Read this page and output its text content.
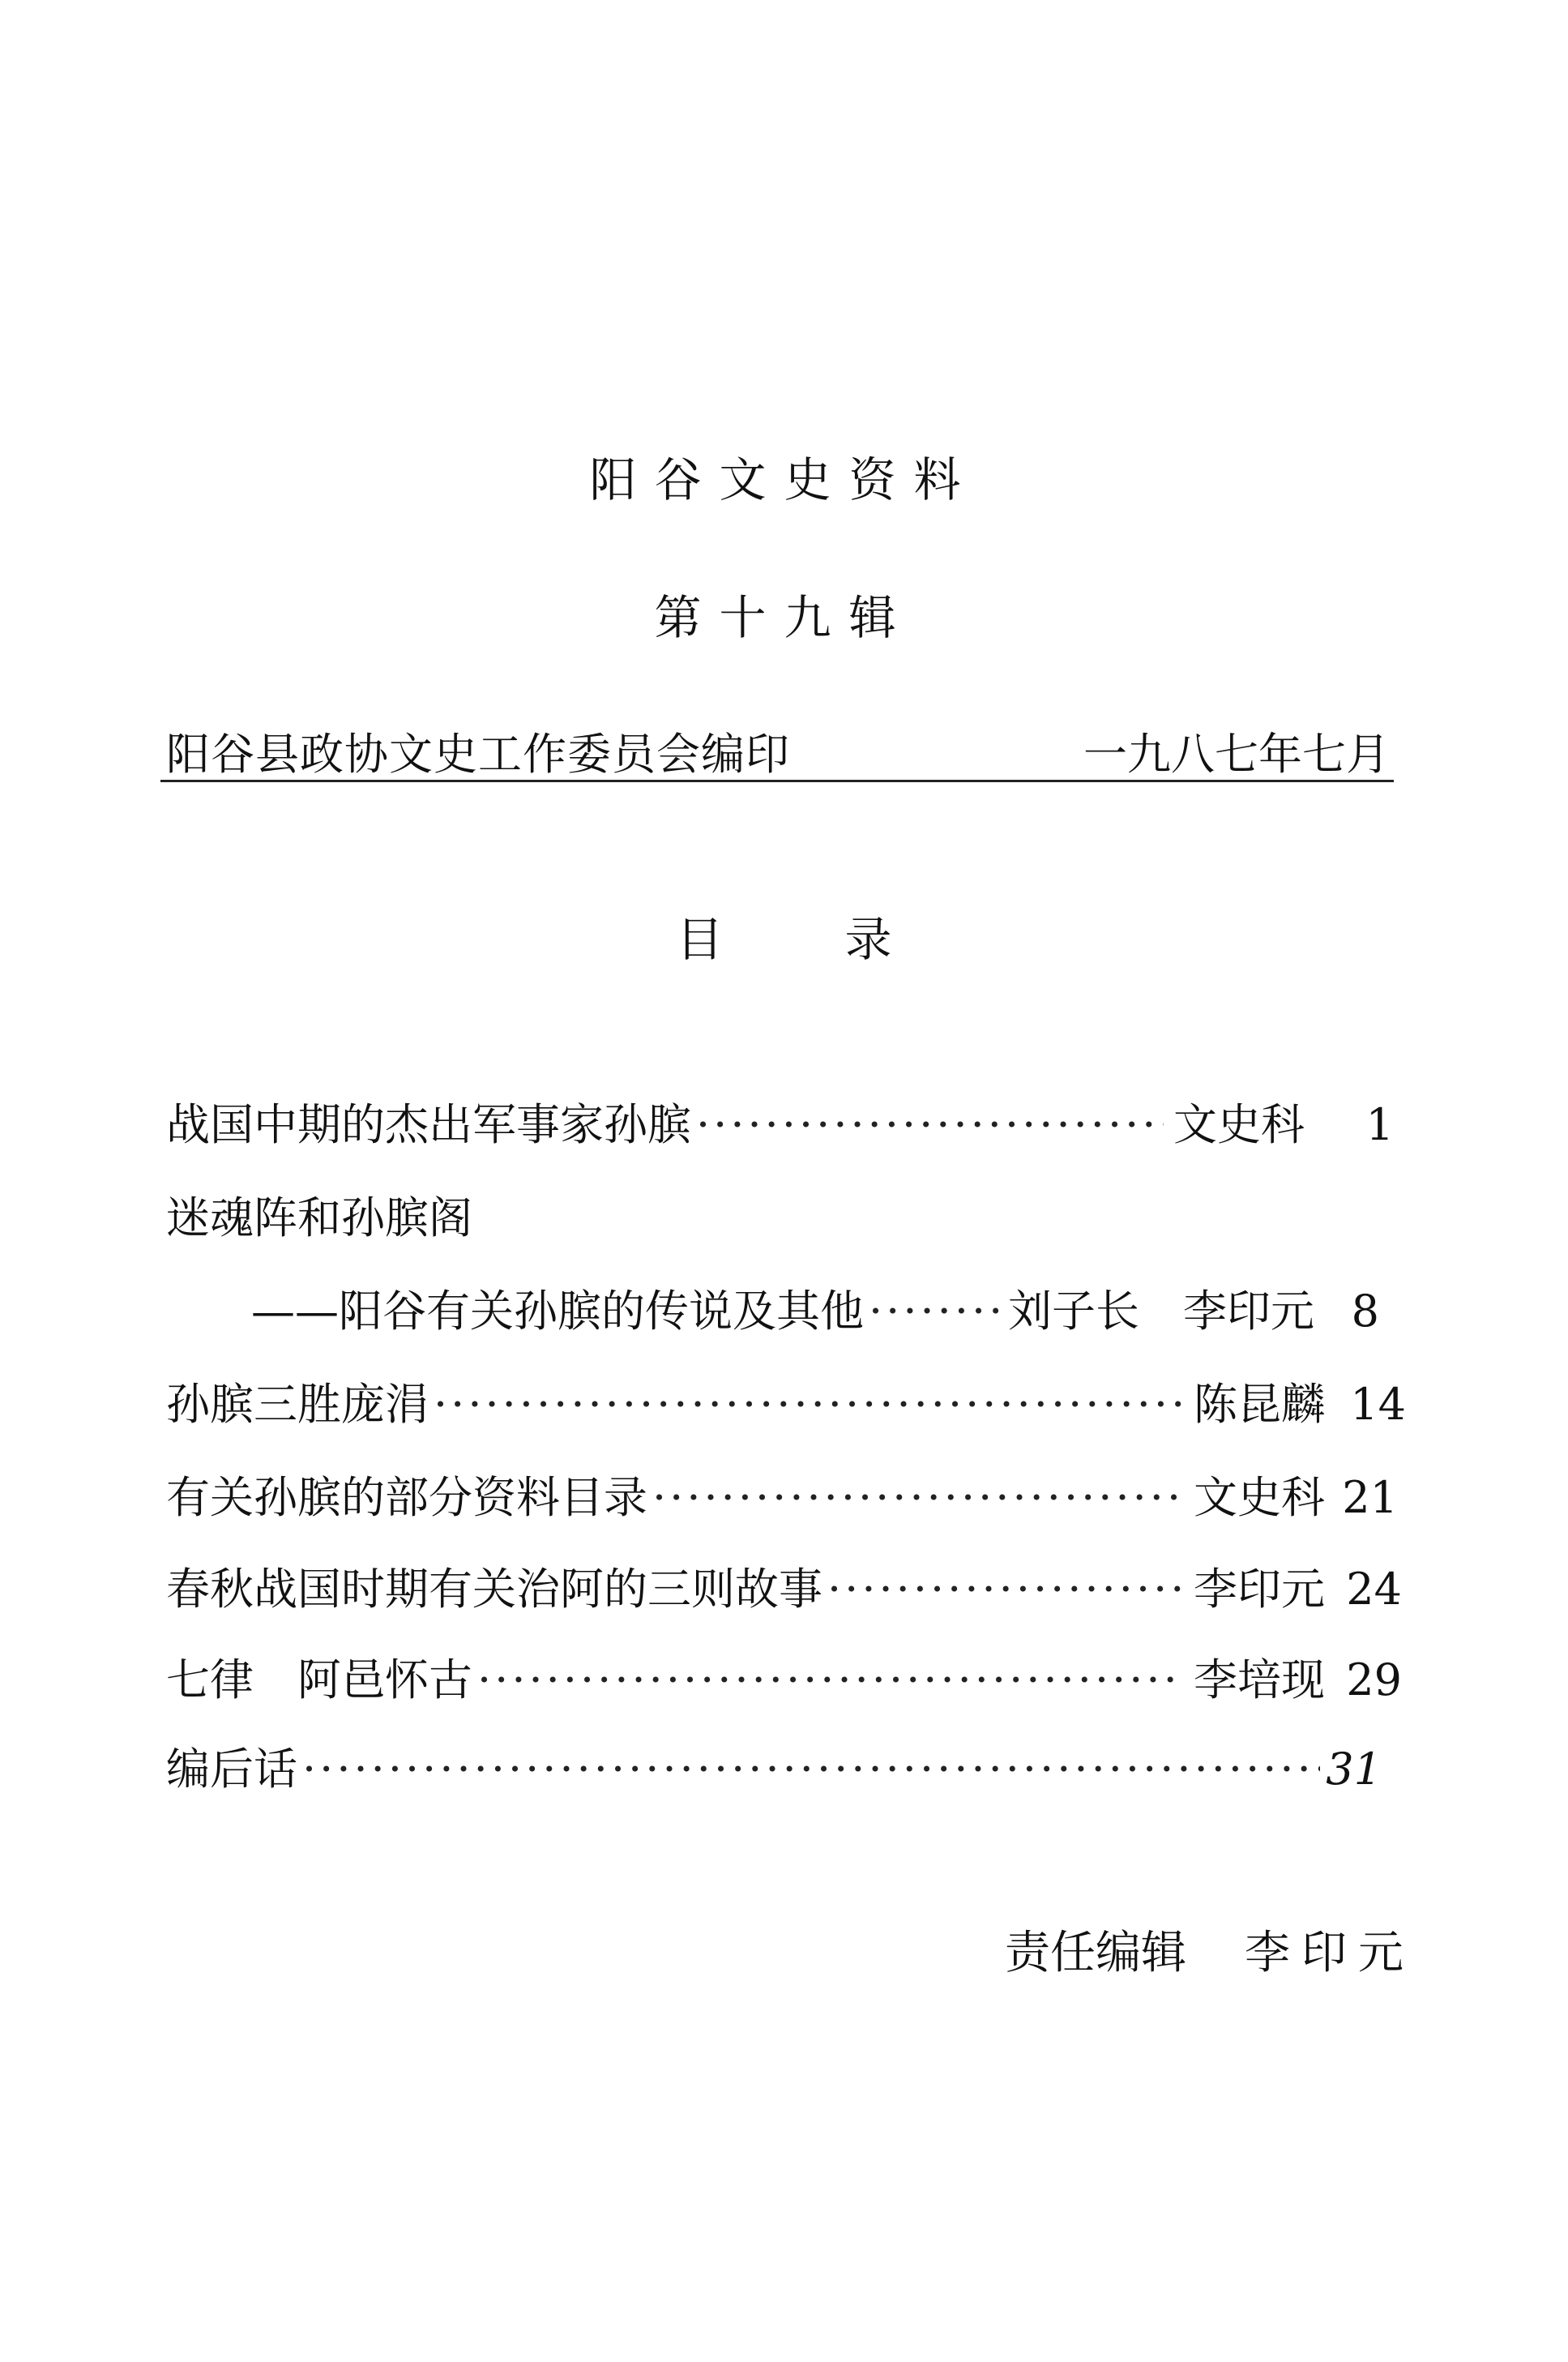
阳谷文史资料
第十九辑
阳谷县政协文史工作委员会编印	一九八七年七月
目	录
战国中期的杰出军事家孙膑 ·····	文史科	1
迷魂阵和孙膑阁
——阳谷有关孙膑的传说及其他 ·····	刘子长　李印元 8
孙膑三胜庞涓 ·····	陈昆麟 14
有关孙膑的部分资料目录 ·····	文史科 21
春秋战国时期有关治阿的三则故事 ·····	李印元 24
七律　阿邑怀古 ·····	李培现 29
编后话 ·····	31
责任编辑 李印元
